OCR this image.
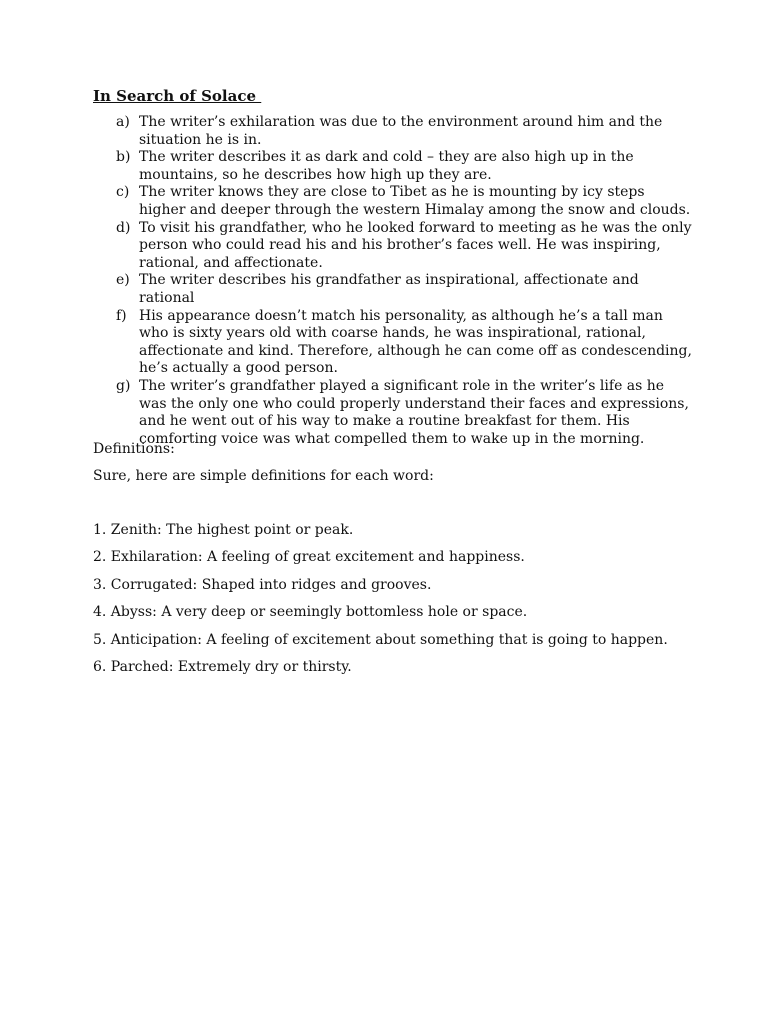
In Search of Solace
a) The writer’s exhilaration was due to the environment around him and the situation he is in.
b) The writer describes it as dark and cold – they are also high up in the mountains, so he describes how high up they are.
c) The writer knows they are close to Tibet as he is mounting by icy steps higher and deeper through the western Himalay among the snow and clouds.
d) To visit his grandfather, who he looked forward to meeting as he was the only person who could read his and his brother’s faces well. He was inspiring, rational, and affectionate.
e) The writer describes his grandfather as inspirational, affectionate and rational
f) His appearance doesn’t match his personality, as although he’s a tall man who is sixty years old with coarse hands, he was inspirational, rational, affectionate and kind. Therefore, although he can come off as condescending, he’s actually a good person.
g) The writer’s grandfather played a significant role in the writer’s life as he was the only one who could properly understand their faces and expressions, and he went out of his way to make a routine breakfast for them. His comforting voice was what compelled them to wake up in the morning.
Definitions:
Sure, here are simple definitions for each word:
1. Zenith: The highest point or peak.
2. Exhilaration: A feeling of great excitement and happiness.
3. Corrugated: Shaped into ridges and grooves.
4. Abyss: A very deep or seemingly bottomless hole or space.
5. Anticipation: A feeling of excitement about something that is going to happen.
6. Parched: Extremely dry or thirsty.
